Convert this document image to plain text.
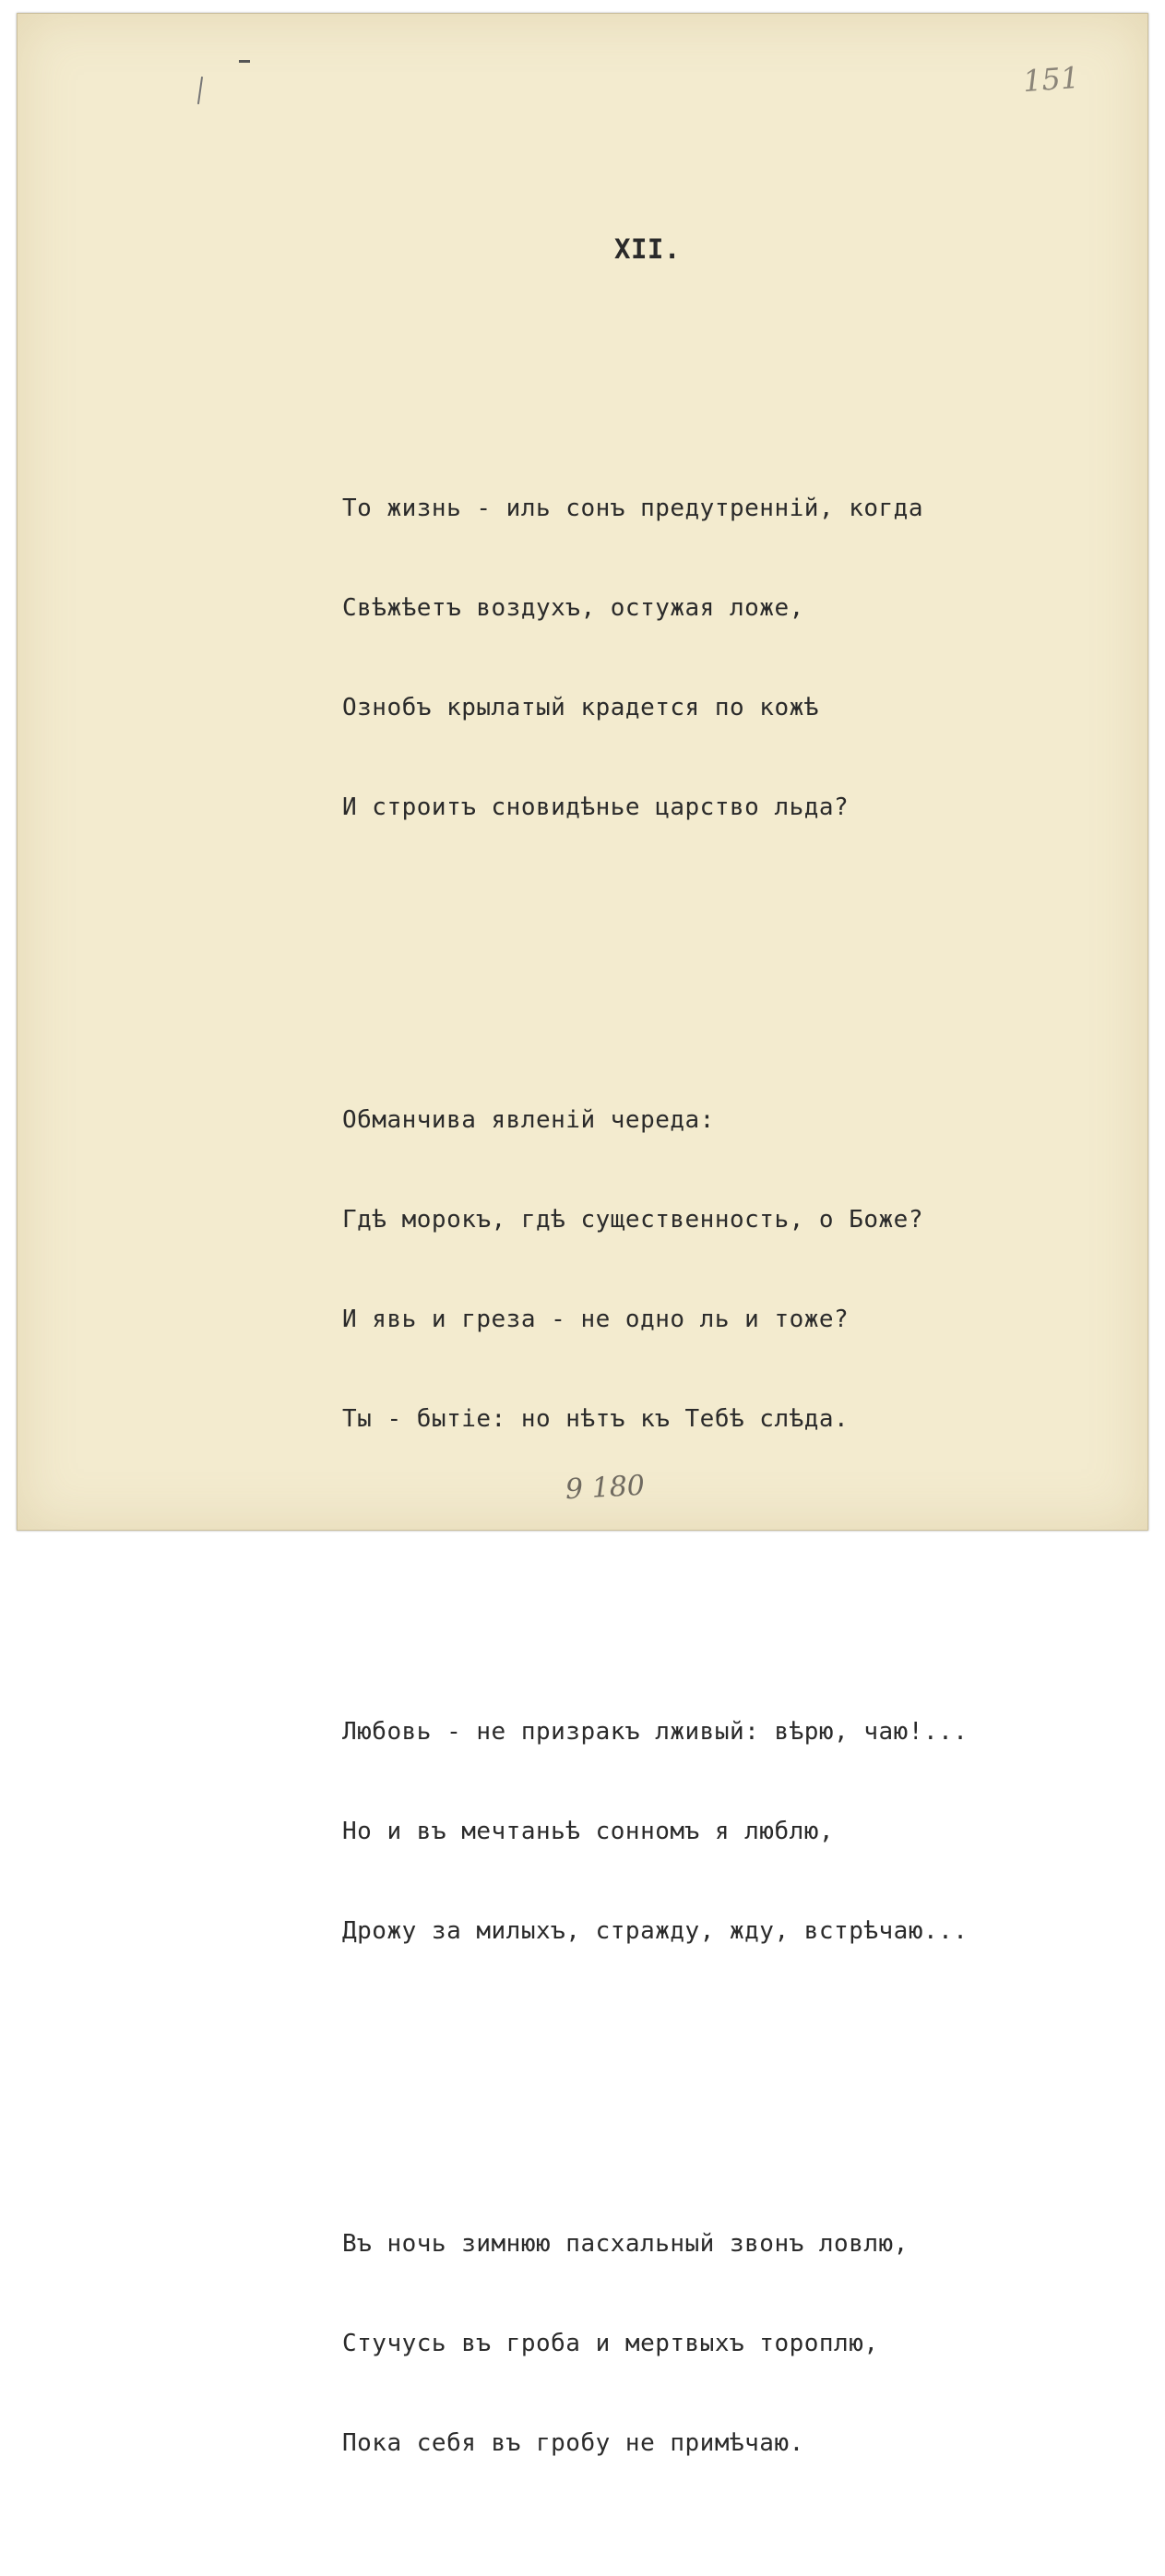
151
XII.

То жизнь - иль сонъ предутренній, когда

Свѣжѣетъ воздухъ, остужая ложе,

Ознобъ крылатый крадется по кожѣ

И строитъ сновидѣнье царство льда?

Обманчива явленій череда:

Гдѣ морокъ, гдѣ существенность, о Боже?

И явь и греза - не одно ль и тоже?

Ты - бытіе: но нѣтъ къ Тебѣ слѣда.

Любовь - не призракъ лживый: вѣрю, чаю!...

Но и въ мечтаньѣ сонномъ я люблю,

Дрожу за милыхъ, страждy, жду, встрѣчаю...

Въ ночь зимнюю пасхальный звонъ ловлю,

Стучусь въ гроба и мертвыхъ тороплю,

Пока себя въ гробу не примѣчаю.

9 180
